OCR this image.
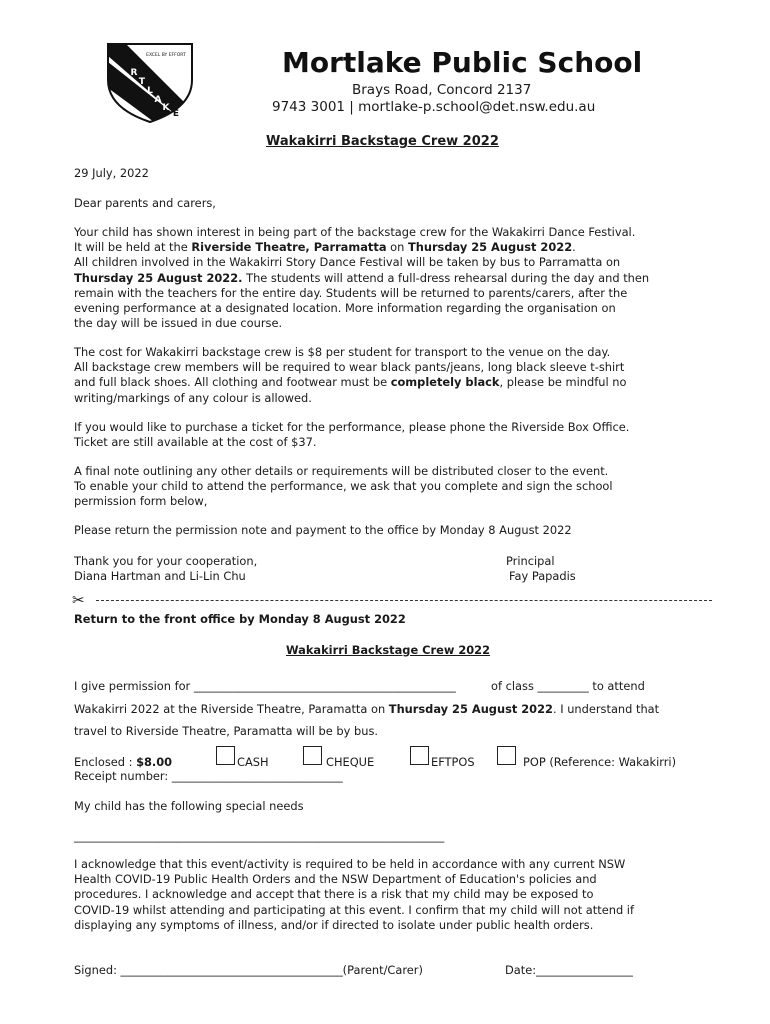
M
O
R
T
L
A
K
E
EXCEL BY EFFORT	Mortlake Public School
Brays Road, Concord 2137
9743 3001 | mortlake-p.school@det.nsw.edu.au
Wakakirri Backstage Crew 2022
29 July, 2022
Dear parents and carers,
Your child has shown interest in being part of the backstage crew for the Wakakirri Dance Festival.
It will be held at the Riverside Theatre, Parramatta on Thursday 25 August 2022.
All children involved in the Wakakirri Story Dance Festival will be taken by bus to Parramatta on
Thursday 25 August 2022. The students will attend a full-dress rehearsal during the day and then
remain with the teachers for the entire day. Students will be returned to parents/carers, after the
evening performance at a designated location. More information regarding the organisation on
the day will be issued in due course.
The cost for Wakakirri backstage crew is $8 per student for transport to the venue on the day.
All backstage crew members will be required to wear black pants/jeans, long black sleeve t-shirt
and full black shoes. All clothing and footwear must be completely black, please be mindful no
writing/markings of any colour is allowed.
If you would like to purchase a ticket for the performance, please phone the Riverside Box Office.
Ticket are still available at the cost of $37.
A final note outlining any other details or requirements will be distributed closer to the event.
To enable your child to attend the performance, we ask that you complete and sign the school
permission form below,
Please return the permission note and payment to the office by Monday 8 August 2022
Thank you for your cooperation,
Diana Hartman and Li-Lin Chu
Principal
Fay Papadis
✂
Return to the front office by Monday 8 August 2022
Wakakirri Backstage Crew 2022
I give permission for ______________________________________________	of class _________ to attend
Wakakirri 2022 at the Riverside Theatre, Paramatta on Thursday 25 August 2022. I understand that
travel to Riverside Theatre, Paramatta will be by bus.
Enclosed : $8.00	CASH	CHEQUE	EFTPOS	POP (Reference: Wakakirri)
Receipt number: ______________________________
My child has the following special needs
_________________________________________________________________
I acknowledge that this event/activity is required to be held in accordance with any current NSW
Health COVID-19 Public Health Orders and the NSW Department of Education's policies and
procedures. I acknowledge and accept that there is a risk that my child may be exposed to
COVID-19 whilst attending and participating at this event. I confirm that my child will not attend if
displaying any symptoms of illness, and/or if directed to isolate under public health orders.
Signed: _______________________________________(Parent/Carer)	Date:_________________
